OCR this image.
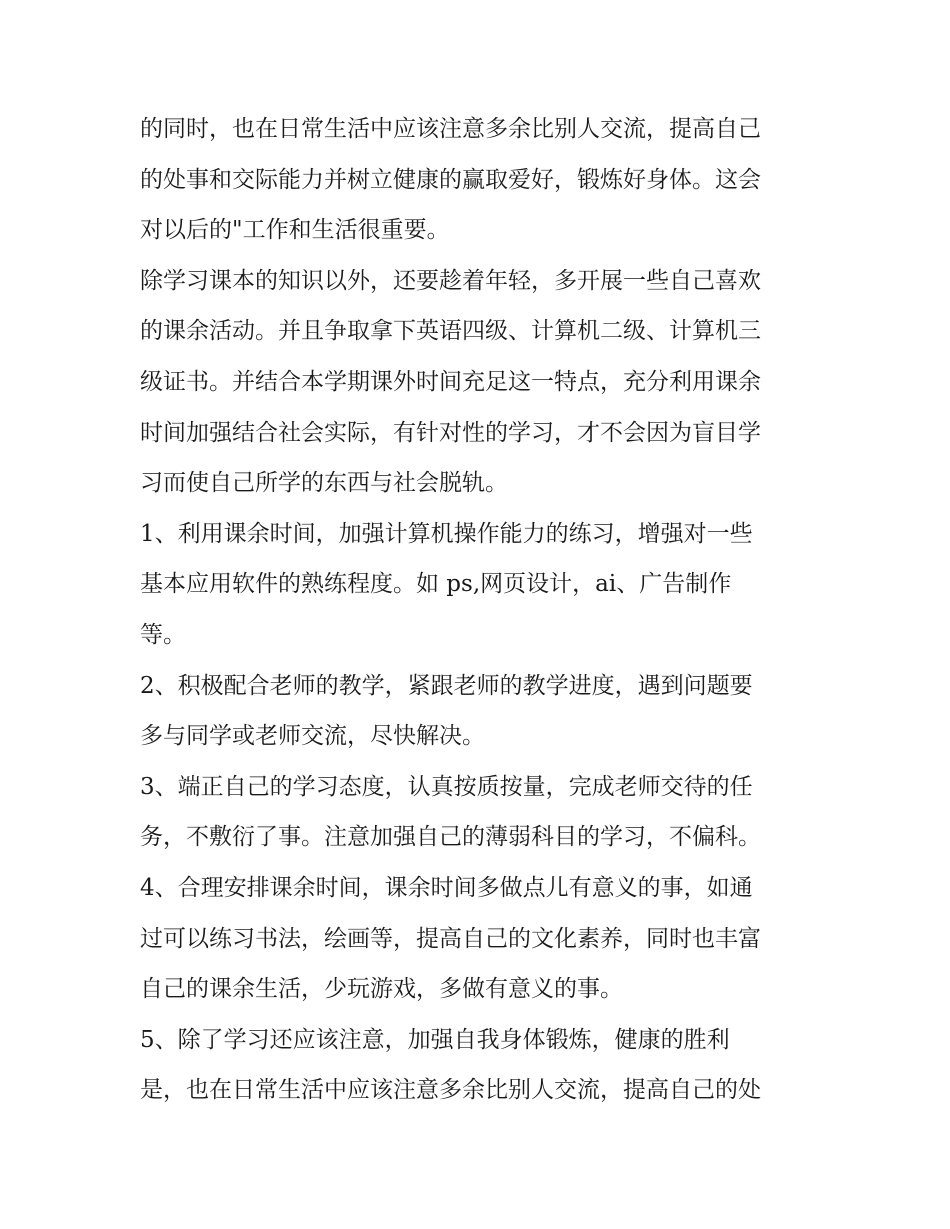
的同时，也在日常生活中应该注意多余比别人交流，提高自己
的处事和交际能力并树立健康的赢取爱好，锻炼好身体。这会
对以后的"工作和生活很重要。
除学习课本的知识以外，还要趁着年轻，多开展一些自己喜欢
的课余活动。并且争取拿下英语四级、计算机二级、计算机三
级证书。并结合本学期课外时间充足这一特点，充分利用课余
时间加强结合社会实际，有针对性的学习，才不会因为盲目学
习而使自己所学的东西与社会脱轨。
1、利用课余时间，加强计算机操作能力的练习，增强对一些
基本应用软件的熟练程度。如 ps,网页设计，ai、广告制作
等。
2、积极配合老师的教学，紧跟老师的教学进度，遇到问题要
多与同学或老师交流，尽快解决。
3、端正自己的学习态度，认真按质按量，完成老师交待的任
务，不敷衍了事。注意加强自己的薄弱科目的学习，不偏科。
4、合理安排课余时间，课余时间多做点儿有意义的事，如通
过可以练习书法，绘画等，提高自己的文化素养，同时也丰富
自己的课余生活，少玩游戏，多做有意义的事。
5、除了学习还应该注意，加强自我身体锻炼，健康的胜利
是，也在日常生活中应该注意多余比别人交流，提高自己的处
